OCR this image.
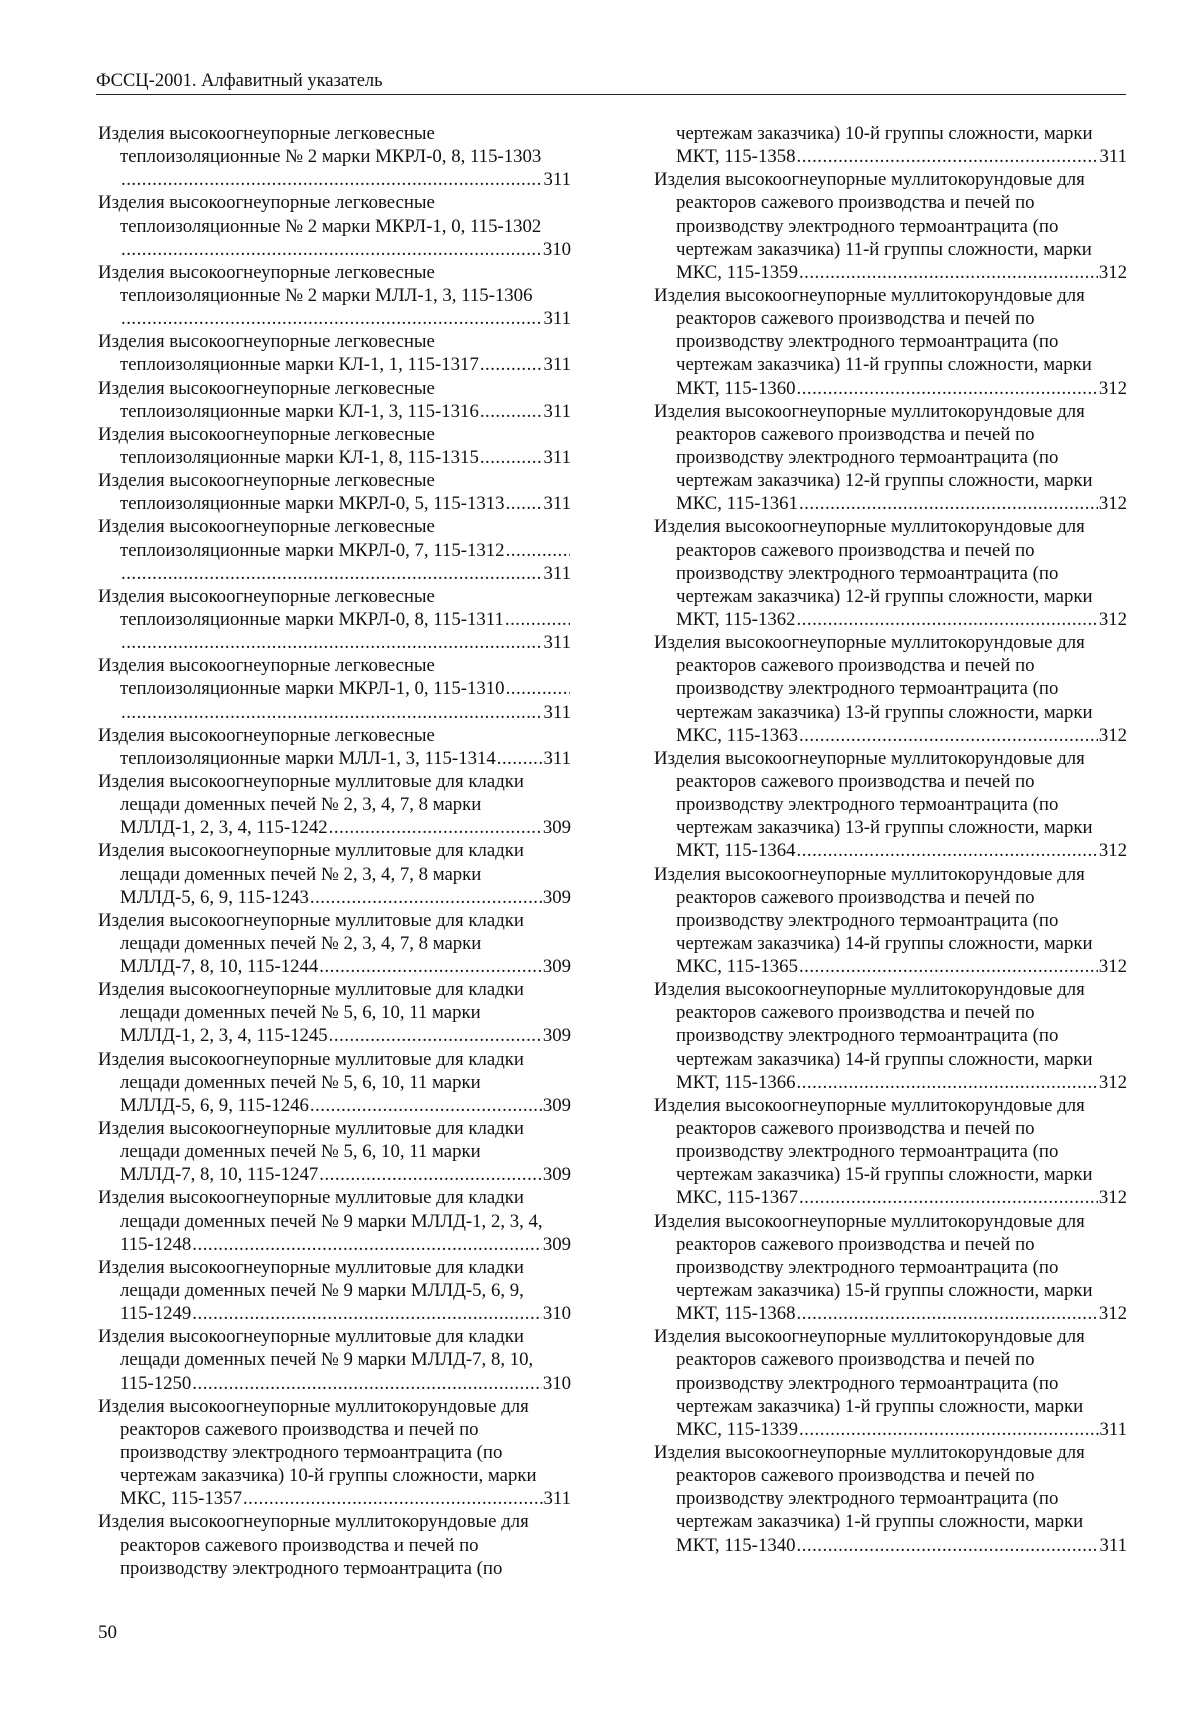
ФССЦ-2001. Алфавитный указатель
Изделия высокоогнеупорные легковесные
теплоизоляционные № 2 марки МКРЛ-0, 8, 115-1303
.....
311
Изделия высокоогнеупорные легковесные
теплоизоляционные № 2 марки МКРЛ-1, 0, 115-1302
.....
310
Изделия высокоогнеупорные легковесные
теплоизоляционные № 2 марки МЛЛ-1, 3, 115-1306
.....
311
Изделия высокоогнеупорные легковесные
теплоизоляционные марки КЛ-1, 1, 115-1317 .....	311
Изделия высокоогнеупорные легковесные
теплоизоляционные марки КЛ-1, 3, 115-1316 .....	311
Изделия высокоогнеупорные легковесные
теплоизоляционные марки КЛ-1, 8, 115-1315 .....	311
Изделия высокоогнеупорные легковесные
теплоизоляционные марки МКРЛ-0, 5, 115-1313 ..... 311
Изделия высокоогнеупорные легковесные
теплоизоляционные марки МКРЛ-0, 7, 115-1312
.....
.....
311
Изделия высокоогнеупорные легковесные
теплоизоляционные марки МКРЛ-0, 8, 115-1311
.....
.....
311
Изделия высокоогнеупорные легковесные
теплоизоляционные марки МКРЛ-1, 0, 115-1310
.....
.....
311
Изделия высокоогнеупорные легковесные
теплоизоляционные марки МЛЛ-1, 3, 115-1314 .....	311
Изделия высокоогнеупорные муллитовые для кладки
лещади доменных печей № 2, 3, 4, 7, 8 марки
МЛЛД-1, 2, 3, 4, 115-1242 .....	309
Изделия высокоогнеупорные муллитовые для кладки
лещади доменных печей № 2, 3, 4, 7, 8 марки
МЛЛД-5, 6, 9, 115-1243 .....	309
Изделия высокоогнеупорные муллитовые для кладки
лещади доменных печей № 2, 3, 4, 7, 8 марки
МЛЛД-7, 8, 10, 115-1244 .....	309
Изделия высокоогнеупорные муллитовые для кладки
лещади доменных печей № 5, 6, 10, 11 марки
МЛЛД-1, 2, 3, 4, 115-1245 .....	309
Изделия высокоогнеупорные муллитовые для кладки
лещади доменных печей № 5, 6, 10, 11 марки
МЛЛД-5, 6, 9, 115-1246 .....	309
Изделия высокоогнеупорные муллитовые для кладки
лещади доменных печей № 5, 6, 10, 11 марки
МЛЛД-7, 8, 10, 115-1247 .....	309
Изделия высокоогнеупорные муллитовые для кладки
лещади доменных печей № 9 марки МЛЛД-1, 2, 3, 4,
115-1248 .....	309
Изделия высокоогнеупорные муллитовые для кладки
лещади доменных печей № 9 марки МЛЛД-5, 6, 9,
115-1249 .....	310
Изделия высокоогнеупорные муллитовые для кладки
лещади доменных печей № 9 марки МЛЛД-7, 8, 10,
115-1250 .....	310
Изделия высокоогнеупорные муллитокорундовые для
реакторов сажевого производства и печей по
производству электродного термоантрацита (по
чертежам заказчика) 10-й группы сложности, марки
МКС, 115-1357 .....	311
Изделия высокоогнеупорные муллитокорундовые для
реакторов сажевого производства и печей по
производству электродного термоантрацита (по
чертежам заказчика) 10-й группы сложности, марки
МКТ, 115-1358 .....	311
Изделия высокоогнеупорные муллитокорундовые для
реакторов сажевого производства и печей по
производству электродного термоантрацита (по
чертежам заказчика) 11-й группы сложности, марки
МКС, 115-1359 .....	312
Изделия высокоогнеупорные муллитокорундовые для
реакторов сажевого производства и печей по
производству электродного термоантрацита (по
чертежам заказчика) 11-й группы сложности, марки
МКТ, 115-1360 .....	312
Изделия высокоогнеупорные муллитокорундовые для
реакторов сажевого производства и печей по
производству электродного термоантрацита (по
чертежам заказчика) 12-й группы сложности, марки
МКС, 115-1361 .....	312
Изделия высокоогнеупорные муллитокорундовые для
реакторов сажевого производства и печей по
производству электродного термоантрацита (по
чертежам заказчика) 12-й группы сложности, марки
МКТ, 115-1362 .....	312
Изделия высокоогнеупорные муллитокорундовые для
реакторов сажевого производства и печей по
производству электродного термоантрацита (по
чертежам заказчика) 13-й группы сложности, марки
МКС, 115-1363 .....	312
Изделия высокоогнеупорные муллитокорундовые для
реакторов сажевого производства и печей по
производству электродного термоантрацита (по
чертежам заказчика) 13-й группы сложности, марки
МКТ, 115-1364 .....	312
Изделия высокоогнеупорные муллитокорундовые для
реакторов сажевого производства и печей по
производству электродного термоантрацита (по
чертежам заказчика) 14-й группы сложности, марки
МКС, 115-1365 .....	312
Изделия высокоогнеупорные муллитокорундовые для
реакторов сажевого производства и печей по
производству электродного термоантрацита (по
чертежам заказчика) 14-й группы сложности, марки
МКТ, 115-1366 .....	312
Изделия высокоогнеупорные муллитокорундовые для
реакторов сажевого производства и печей по
производству электродного термоантрацита (по
чертежам заказчика) 15-й группы сложности, марки
МКС, 115-1367 .....	312
Изделия высокоогнеупорные муллитокорундовые для
реакторов сажевого производства и печей по
производству электродного термоантрацита (по
чертежам заказчика) 15-й группы сложности, марки
МКТ, 115-1368 .....	312
Изделия высокоогнеупорные муллитокорундовые для
реакторов сажевого производства и печей по
производству электродного термоантрацита (по
чертежам заказчика) 1-й группы сложности, марки
МКС, 115-1339 .....	311
Изделия высокоогнеупорные муллитокорундовые для
реакторов сажевого производства и печей по
производству электродного термоантрацита (по
чертежам заказчика) 1-й группы сложности, марки
МКТ, 115-1340 .....	311
50
